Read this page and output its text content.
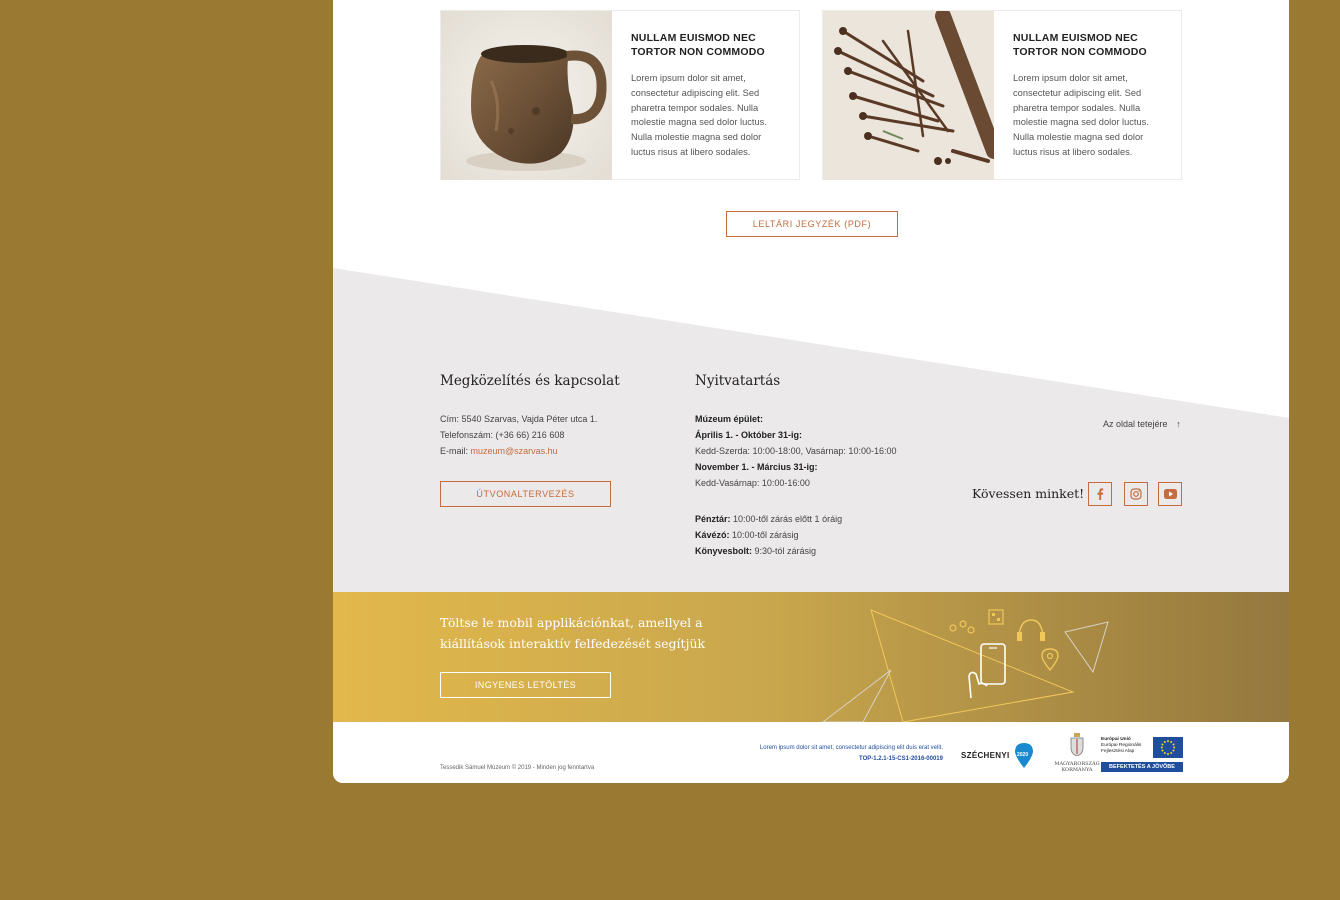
NULLAM EUISMOD NEC TORTOR NON COMMODO
Lorem ipsum dolor sit amet, consectetur adipiscing elit. Sed pharetra tempor sodales. Nulla molestie magna sed dolor luctus. Nulla molestie magna sed dolor luctus risus at libero sodales.
NULLAM EUISMOD NEC TORTOR NON COMMODO
Lorem ipsum dolor sit amet, consectetur adipiscing elit. Sed pharetra tempor sodales. Nulla molestie magna sed dolor luctus. Nulla molestie magna sed dolor luctus risus at libero sodales.
LELTÁRI JEGYZÉK (PDF)
Megközelítés és kapcsolat
Cím: 5540 Szarvas, Vajda Péter utca 1.
Telefonszám: (+36 66) 216 608
E-mail: muzeum@szarvas.hu
ÚTVONALTERVEZÉS
Nyitvatartás
Múzeum épület:
Április 1. - Október 31-ig:
Kedd-Szerda: 10:00-18:00, Vasárnap: 10:00-16:00
November 1. - Március 31-ig:
Kedd-Vasárnap: 10:00-16:00
Pénztár: 10:00-től zárás előtt 1 óráig
Kávézó: 10:00-től zárásig
Könyvesbolt: 9:30-tól zárásig
Az oldal tetejére ↑
Kövessen minket!
Töltse le mobil applikációnkat, amellyel a kiállítások interaktív felfedezését segítjük
INGYENES LETÖLTÉS
Tessedik Sámuel Múzeum © 2019 - Minden jog fenntartva
Lorem ipsum dolor sit amet, consectetur adipiscing elit duis erat velit.
TOP-1.2.1-15-CS1-2016-00019 SZÉCHENYI 2020
MAGYARORSZÁG
KORMÁNYA
Európai Unió
Európai Regionális
Fejlesztési Alap
BEFEKTETÉS A JÖVŐBE
